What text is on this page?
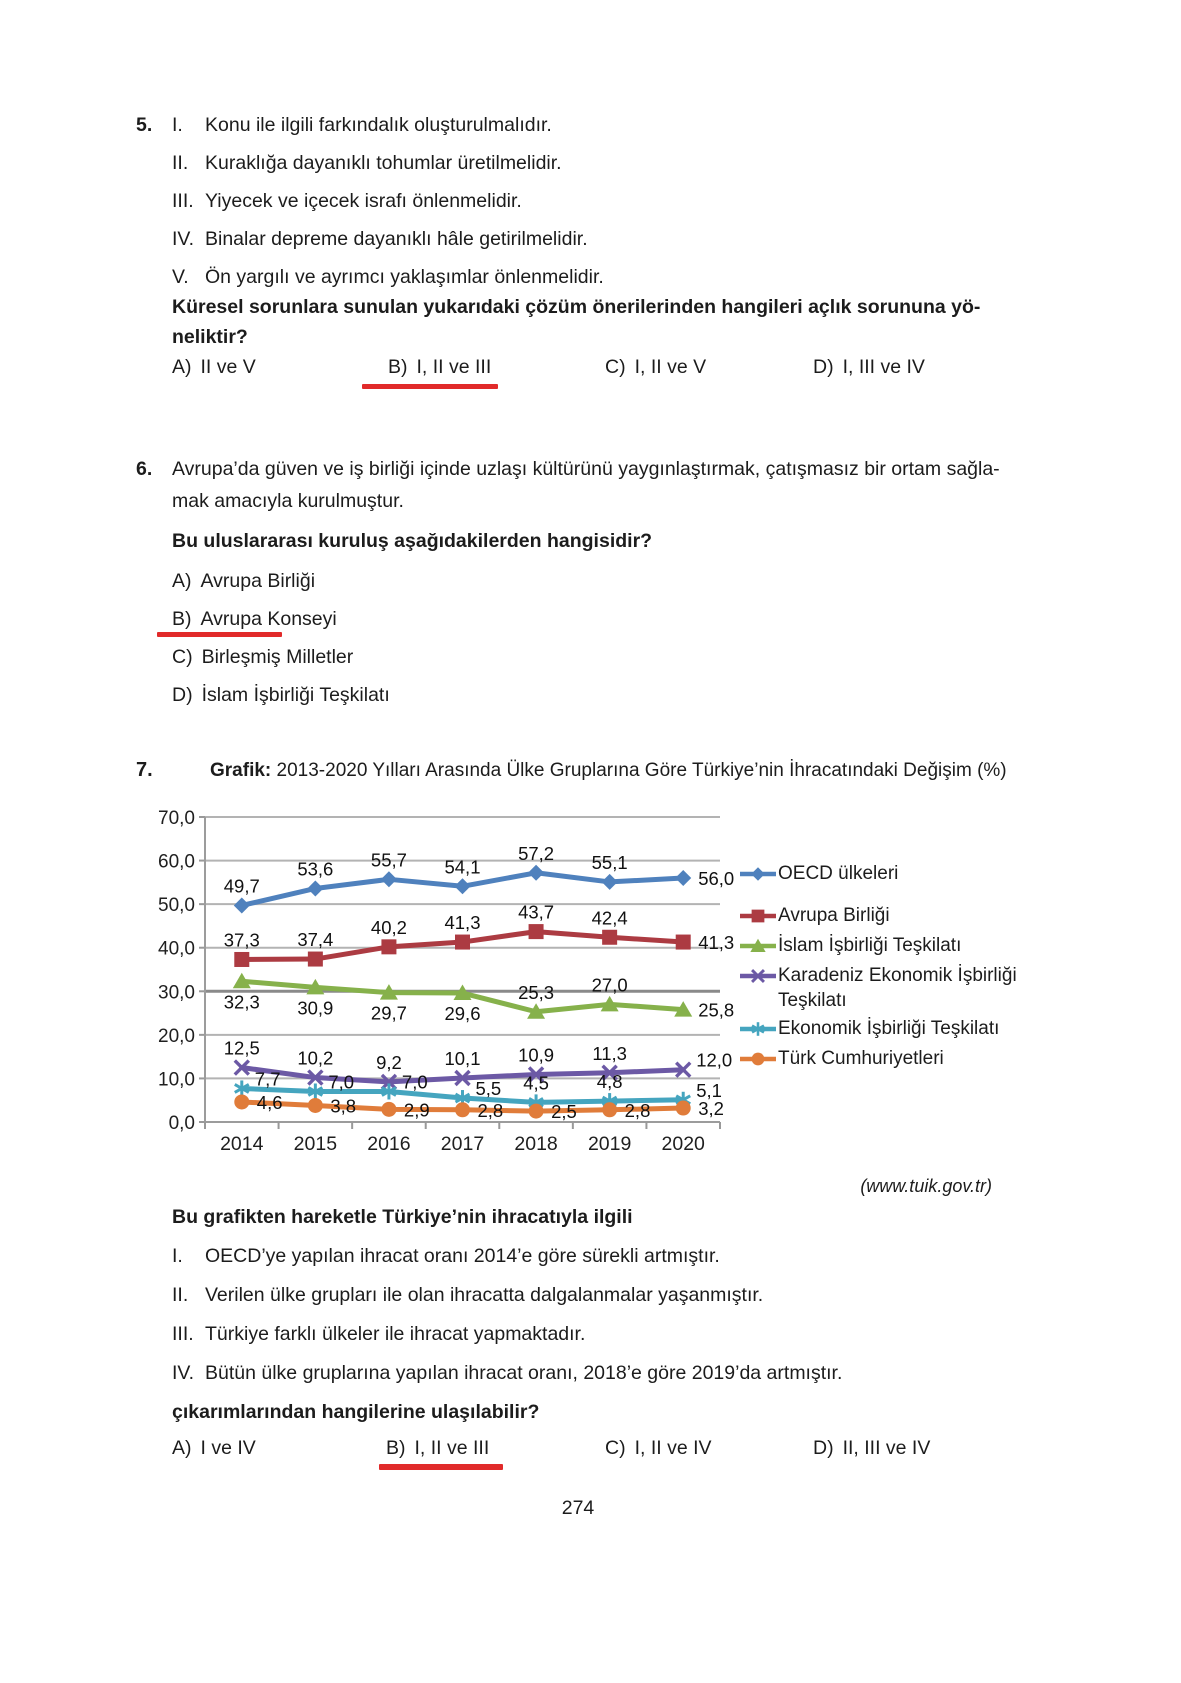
5. I. Konu ile ilgili farkındalık oluşturulmalıdır.
II. Kuraklığa dayanıklı tohumlar üretilmelidir.
III. Yiyecek ve içecek israfı önlenmelidir.
IV. Binalar depreme dayanıklı hâle getirilmelidir.
V. Ön yargılı ve ayrımcı yaklaşımlar önlenmelidir.
Küresel sorunlara sunulan yukarıdaki çözüm önerilerinden hangileri açlık sorununa yö-
neliktir?
A) II ve V	B) I, II ve III	C) I, II ve V	D) I, III ve IV
6. Avrupa’da güven ve iş birliği içinde uzlaşı kültürünü yaygınlaştırmak, çatışmasız bir ortam sağla-
mak amacıyla kurulmuştur.
Bu uluslararası kuruluş aşağıdakilerden hangisidir?
A) Avrupa Birliği
B) Avrupa Konseyi
C) Birleşmiş Milletler
D) İslam İşbirliği Teşkilatı
7.	Grafik: 2013-2020 Yılları Arasında Ülke Gruplarına Göre Türkiye’nin İhracatındaki Değişim (%)
0,0
10,0
20,0
30,0
40,0
50,0
60,0
70,0
2014 2015 2016 2017 2018 2019 2020
49,7
53,6 55,7 54,1
57,2 55,1
56,0
37,3 37,4
40,2 41,3 43,7 42,4
41,3
32,3 30,9 29,7 29,6
25,3 27,0
25,8
12,5 10,2 9,2 10,1 10,9 11,3	12,0
7,7	7,0	7,0	5,5 4,5	4,8	5,1
4,6	3,8	2,9	2,8	2,5	2,8	3,2
OECD ülkeleri
Avrupa Birliği
İslam İşbirliği Teşkilatı
Karadeniz Ekonomik İşbirliği Teşkilatı
Ekonomik İşbirliği Teşkilatı
Türk Cumhuriyetleri
(www.tuik.gov.tr)
Bu grafikten hareketle Türkiye’nin ihracatıyla ilgili
I. OECD’ye yapılan ihracat oranı 2014’e göre sürekli artmıştır.
II. Verilen ülke grupları ile olan ihracatta dalgalanmalar yaşanmıştır.
III. Türkiye farklı ülkeler ile ihracat yapmaktadır.
IV. Bütün ülke gruplarına yapılan ihracat oranı, 2018’e göre 2019’da artmıştır.
çıkarımlarından hangilerine ulaşılabilir?
A) I ve IV	B) I, II ve III	C) I, II ve IV	D) II, III ve IV
274
